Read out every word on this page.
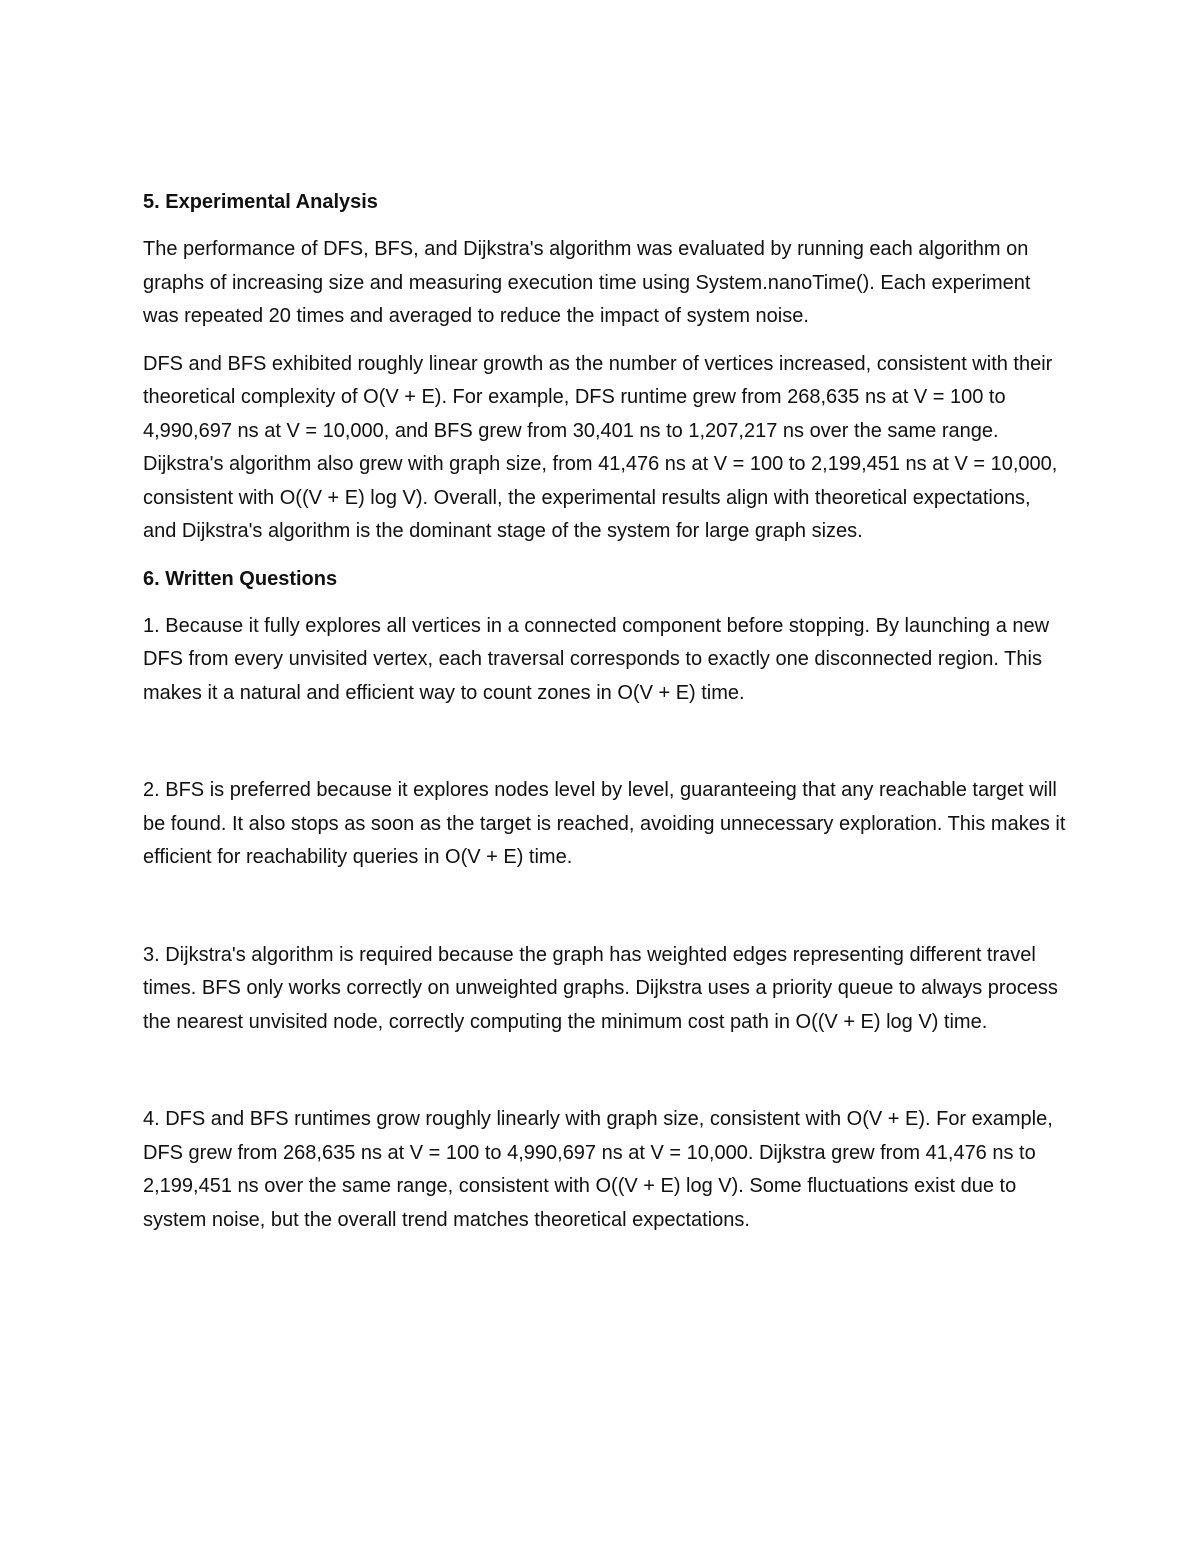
5. Experimental Analysis

The performance of DFS, BFS, and Dijkstra's algorithm was evaluated by running each algorithm on graphs of increasing size and measuring execution time using System.nanoTime(). Each experiment was repeated 20 times and averaged to reduce the impact of system noise.

DFS and BFS exhibited roughly linear growth as the number of vertices increased, consistent with their theoretical complexity of O(V + E). For example, DFS runtime grew from 268,635 ns at V = 100 to 4,990,697 ns at V = 10,000, and BFS grew from 30,401 ns to 1,207,217 ns over the same range. Dijkstra's algorithm also grew with graph size, from 41,476 ns at V = 100 to 2,199,451 ns at V = 10,000, consistent with O((V + E) log V). Overall, the experimental results align with theoretical expectations, and Dijkstra's algorithm is the dominant stage of the system for large graph sizes.

6. Written Questions

1. Because it fully explores all vertices in a connected component before stopping. By launching a new DFS from every unvisited vertex, each traversal corresponds to exactly one disconnected region. This makes it a natural and efficient way to count zones in O(V + E) time.

2. BFS is preferred because it explores nodes level by level, guaranteeing that any reachable target will be found. It also stops as soon as the target is reached, avoiding unnecessary exploration. This makes it efficient for reachability queries in O(V + E) time.

3. Dijkstra's algorithm is required because the graph has weighted edges representing different travel times. BFS only works correctly on unweighted graphs. Dijkstra uses a priority queue to always process the nearest unvisited node, correctly computing the minimum cost path in O((V + E) log V) time.

4. DFS and BFS runtimes grow roughly linearly with graph size, consistent with O(V + E). For example, DFS grew from 268,635 ns at V = 100 to 4,990,697 ns at V = 10,000. Dijkstra grew from 41,476 ns to 2,199,451 ns over the same range, consistent with O((V + E) log V). Some fluctuations exist due to system noise, but the overall trend matches theoretical expectations.
